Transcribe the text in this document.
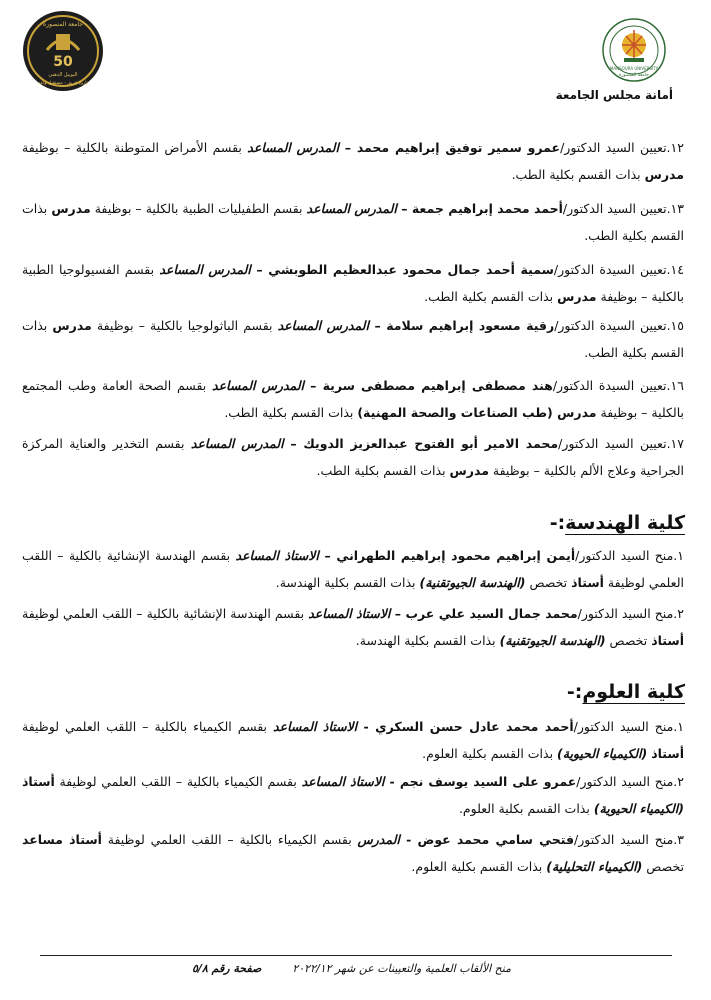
50
جامعة المنصورة
اليوبيل الذهبي
تاريخ عريق - مستقبل واعد
MANSOURA UNIVERSITY
جامعة المنصورة
أمانة مجلس الجامعة
١٢.تعيين السيد الدكتور/عمرو سمير توفيق إبراهيم محمد – المدرس المساعد بقسم الأمراض المتوطنة بالكلية – بوظيفة مدرس بذات القسم بكلية الطب.
١٣.تعيين السيد الدكتور/أحمد محمد إبراهيم جمعة – المدرس المساعد بقسم الطفيليات الطبية بالكلية – بوظيفة مدرس بذات القسم بكلية الطب.
١٤.تعيين السيدة الدكتور/سمية أحمد جمال محمود عبدالعظيم الطوبشي – المدرس المساعد بقسم الفسيولوجيا الطبية بالكلية – بوظيفة مدرس بذات القسم بكلية الطب.
١٥.تعيين السيدة الدكتور/رقية مسعود إبراهيم سلامة – المدرس المساعد بقسم الباثولوجيا بالكلية – بوظيفة مدرس بذات القسم بكلية الطب.
١٦.تعيين السيدة الدكتور/هند مصطفى إبراهيم مصطفى سرية – المدرس المساعد بقسم الصحة العامة وطب المجتمع بالكلية – بوظيفة مدرس (طب الصناعات والصحة المهنية) بذات القسم بكلية الطب.
١٧.تعيين السيد الدكتور/محمد الامير أبو الفتوح عبدالعزيز الدويك – المدرس المساعد بقسم التخدير والعناية المركزة الجراحية وعلاج الألم بالكلية – بوظيفة مدرس بذات القسم بكلية الطب.
كلية الهندسة:-
١.منح السيد الدكتور/أيمن إبراهيم محمود إبراهيم الطهراني – الاستاذ المساعد بقسم الهندسة الإنشائية بالكلية – اللقب العلمي لوظيفة أستاذ تخصص (الهندسة الجيوتقنية) بذات القسم بكلية الهندسة.
٢.منح السيد الدكتور/محمد جمال السيد علي عرب – الاستاذ المساعد بقسم الهندسة الإنشائية بالكلية – اللقب العلمي لوظيفة أستاذ تخصص (الهندسة الجيوتقنية) بذات القسم بكلية الهندسة.
كلية العلوم:-
١.منح السيد الدكتور/أحمد محمد عادل حسن السكري - الاستاذ المساعد بقسم الكيمياء بالكلية – اللقب العلمي لوظيفة أستاذ (الكيمياء الحيوية) بذات القسم بكلية العلوم.
٢.منح السيد الدكتور/عمرو على السيد يوسف نجم - الاستاذ المساعد بقسم الكيمياء بالكلية – اللقب العلمي لوظيفة أستاذ (الكيمياء الحيوية) بذات القسم بكلية العلوم.
٣.منح السيد الدكتور/فتحي سامي محمد عوض - المدرس بقسم الكيمياء بالكلية – اللقب العلمي لوظيفة أستاذ مساعد تخصص (الكيمياء التحليلية) بذات القسم بكلية العلوم.
منح الألقاب العلمية والتعيينات عن شهر ٢٠٢٢/١٢
صفحة رقم ٥/٨
